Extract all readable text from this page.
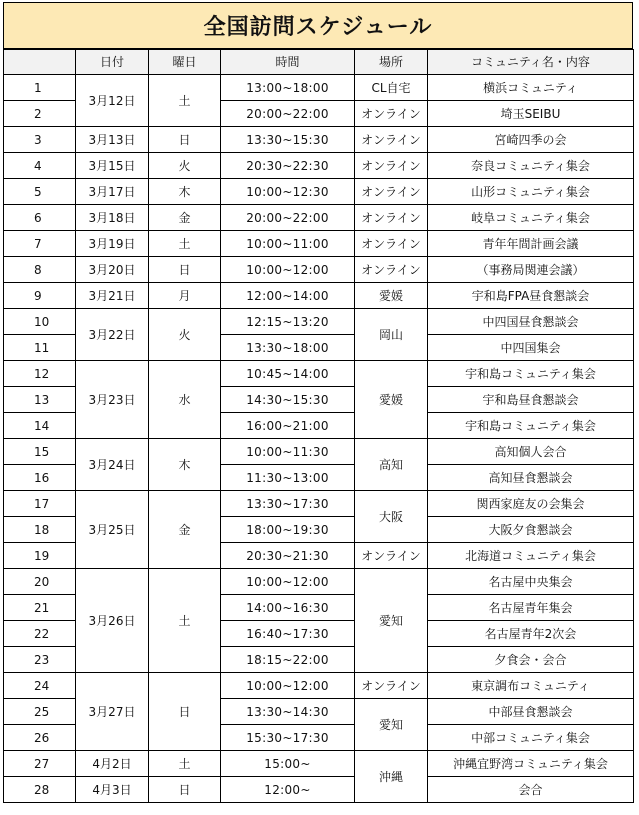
全国訪問スケジュール
	日付	曜日	時間	場所	コミュニティ名・内容
1	3月12日	土	13:00~18:00	CL自宅	横浜コミュニティ
2			20:00~22:00	オンライン	埼玉SEIBU
3	3月13日	日	13:30~15:30	オンライン	宮崎四季の会
4	3月15日	火	20:30~22:30	オンライン	奈良コミュニティ集会
5	3月17日	木	10:00~12:30	オンライン	山形コミュニティ集会
6	3月18日	金	20:00~22:00	オンライン	岐阜コミュニティ集会
7	3月19日	土	10:00~11:00	オンライン	青年年間計画会議
8	3月20日	日	10:00~12:00	オンライン	（事務局関連会議）
9	3月21日	月	12:00~14:00	愛媛	宇和島FPA昼食懇談会
10	3月22日	火	12:15~13:20	岡山	中四国昼食懇談会
11			13:30~18:00		中四国集会
12	3月23日	水	10:45~14:00	愛媛	宇和島コミュニティ集会
13			14:30~15:30		宇和島昼食懇談会
14			16:00~21:00		宇和島コミュニティ集会
15	3月24日	木	10:00~11:30	高知	高知個人会合
16			11:30~13:00		高知昼食懇談会
17	3月25日	金	13:30~17:30	大阪	関西家庭友の会集会
18			18:00~19:30		大阪夕食懇談会
19			20:30~21:30	オンライン	北海道コミュニティ集会
20	3月26日	土	10:00~12:00	愛知	名古屋中央集会
21			14:00~16:30		名古屋青年集会
22			16:40~17:30		名古屋青年2次会
23			18:15~22:00		夕食会・会合
24	3月27日	日	10:00~12:00	オンライン	東京調布コミュニティ
25			13:30~14:30	愛知	中部昼食懇談会
26			15:30~17:30		中部コミュニティ集会
27	4月2日	土	15:00~	沖縄	沖縄宜野湾コミュニティ集会
28	4月3日	日	12:00~		会合
